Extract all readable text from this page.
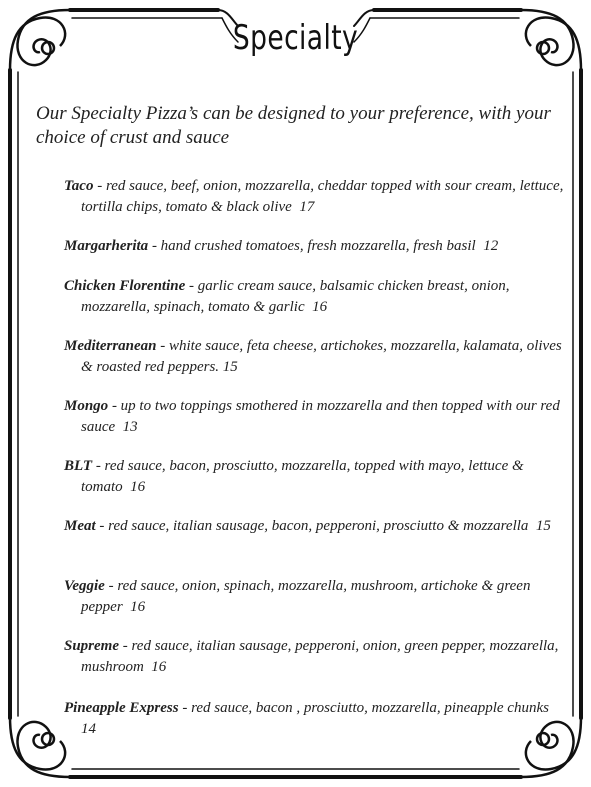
Specialty
Our Specialty Pizza’s can be designed to your preference, with your choice of crust and sauce
Taco - red sauce, beef, onion, mozzarella, cheddar topped with sour cream, lettuce, tortilla chips, tomato & black olive 17
Margarherita - hand crushed tomatoes, fresh mozzarella, fresh basil 12
Chicken Florentine - garlic cream sauce, balsamic chicken breast, onion, mozzarella, spinach, tomato & garlic 16
Mediterranean - white sauce, feta cheese, artichokes, mozzarella, kalamata, olives & roasted red peppers. 15
Mongo - up to two toppings smothered in mozzarella and then topped with our red sauce 13
BLT - red sauce, bacon, prosciutto, mozzarella, topped with mayo, lettuce & tomato 16
Meat - red sauce, italian sausage, bacon, pepperoni, prosciutto & mozzarella 15
Veggie - red sauce, onion, spinach, mozzarella, mushroom, artichoke & green pepper 16
Supreme - red sauce, italian sausage, pepperoni, onion, green pepper, mozzarella, mushroom 16
Pineapple Express - red sauce, bacon , prosciutto, mozzarella, pineapple chunks  14
